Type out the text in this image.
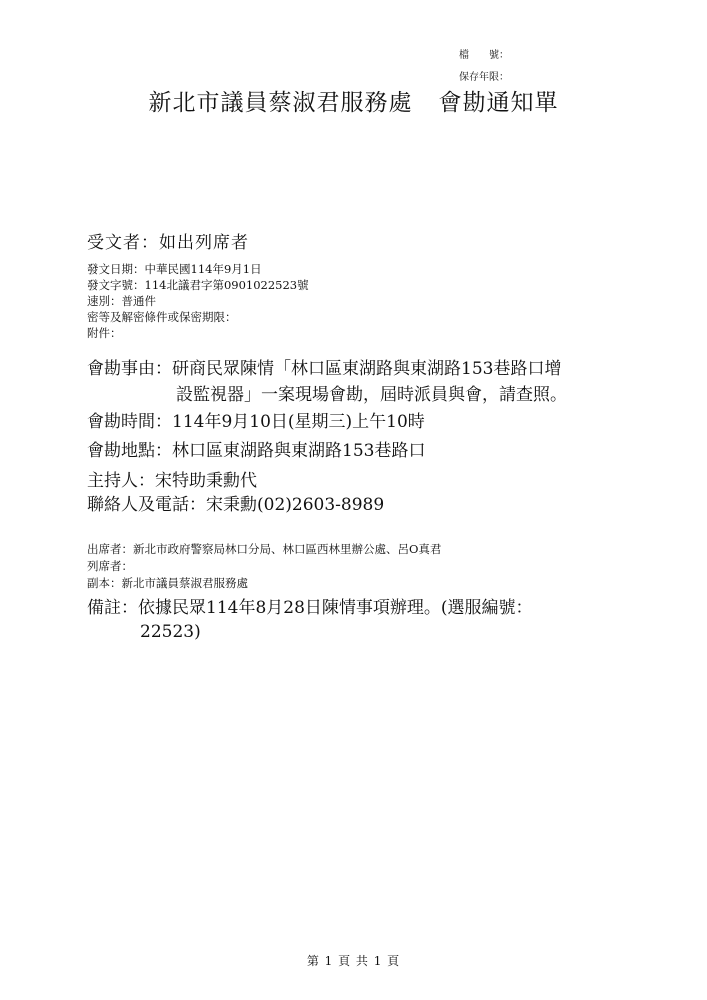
檔　　號：
保存年限：
新北市議員蔡淑君服務處 會勘通知單
受文者：如出列席者
發文日期：中華民國114年9月1日
發文字號：114北議君字第0901022523號
速別：普通件
密等及解密條件或保密期限：
附件：
會勘事由：研商民眾陳情「林口區東湖路與東湖路153巷路口增
設監視器」一案現場會勘，屆時派員與會，請查照。
會勘時間：114年9月10日(星期三)上午10時
會勘地點：林口區東湖路與東湖路153巷路口
主持人：宋特助秉勳代
聯絡人及電話：宋秉勳(02)2603-8989
出席者：新北市政府警察局林口分局、林口區西林里辦公處、呂O真君
列席者：
副本：新北市議員蔡淑君服務處
備註：依據民眾114年8月28日陳情事項辦理。(選服編號：
22523)
第 1 頁 共 1 頁
